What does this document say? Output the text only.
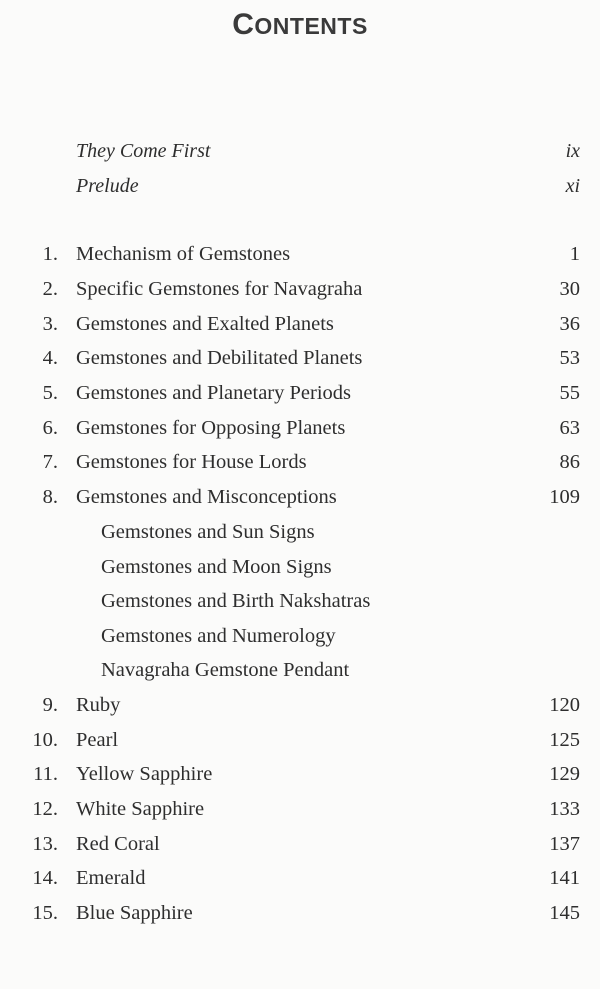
CONTENTS
They Come First	ix
Prelude	xi
1. Mechanism of Gemstones	1
2. Specific Gemstones for Navagraha	30
3. Gemstones and Exalted Planets	36
4. Gemstones and Debilitated Planets	53
5. Gemstones and Planetary Periods	55
6. Gemstones for Opposing Planets	63
7. Gemstones for House Lords	86
8. Gemstones and Misconceptions	109
Gemstones and Sun Signs
Gemstones and Moon Signs
Gemstones and Birth Nakshatras
Gemstones and Numerology
Navagraha Gemstone Pendant
9. Ruby	120
10. Pearl	125
11. Yellow Sapphire	129
12. White Sapphire	133
13. Red Coral	137
14. Emerald	141
15. Blue Sapphire	145
